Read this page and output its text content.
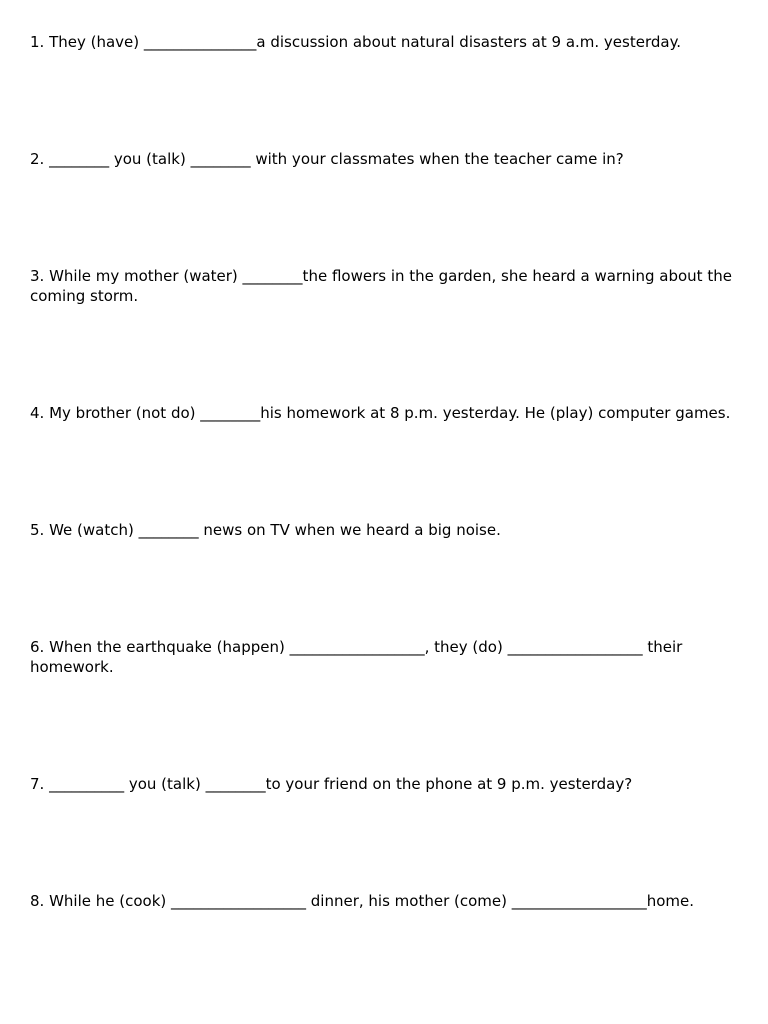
1. They (have) _______________a discussion about natural disasters at 9 a.m. yesterday.
2. ________ you (talk) ________ with your classmates when the teacher came in?
3. While my mother (water) ________the flowers in the garden, she heard a warning about the coming storm.
4. My brother (not do) ________his homework at 8 p.m. yesterday. He (play) computer games.
5. We (watch) ________ news on TV when we heard a big noise.
6. When the earthquake (happen) __________________, they (do) __________________ their homework.
7. __________ you (talk) ________to your friend on the phone at 9 p.m. yesterday?
8. While he (cook) __________________ dinner, his mother (come) __________________home.
